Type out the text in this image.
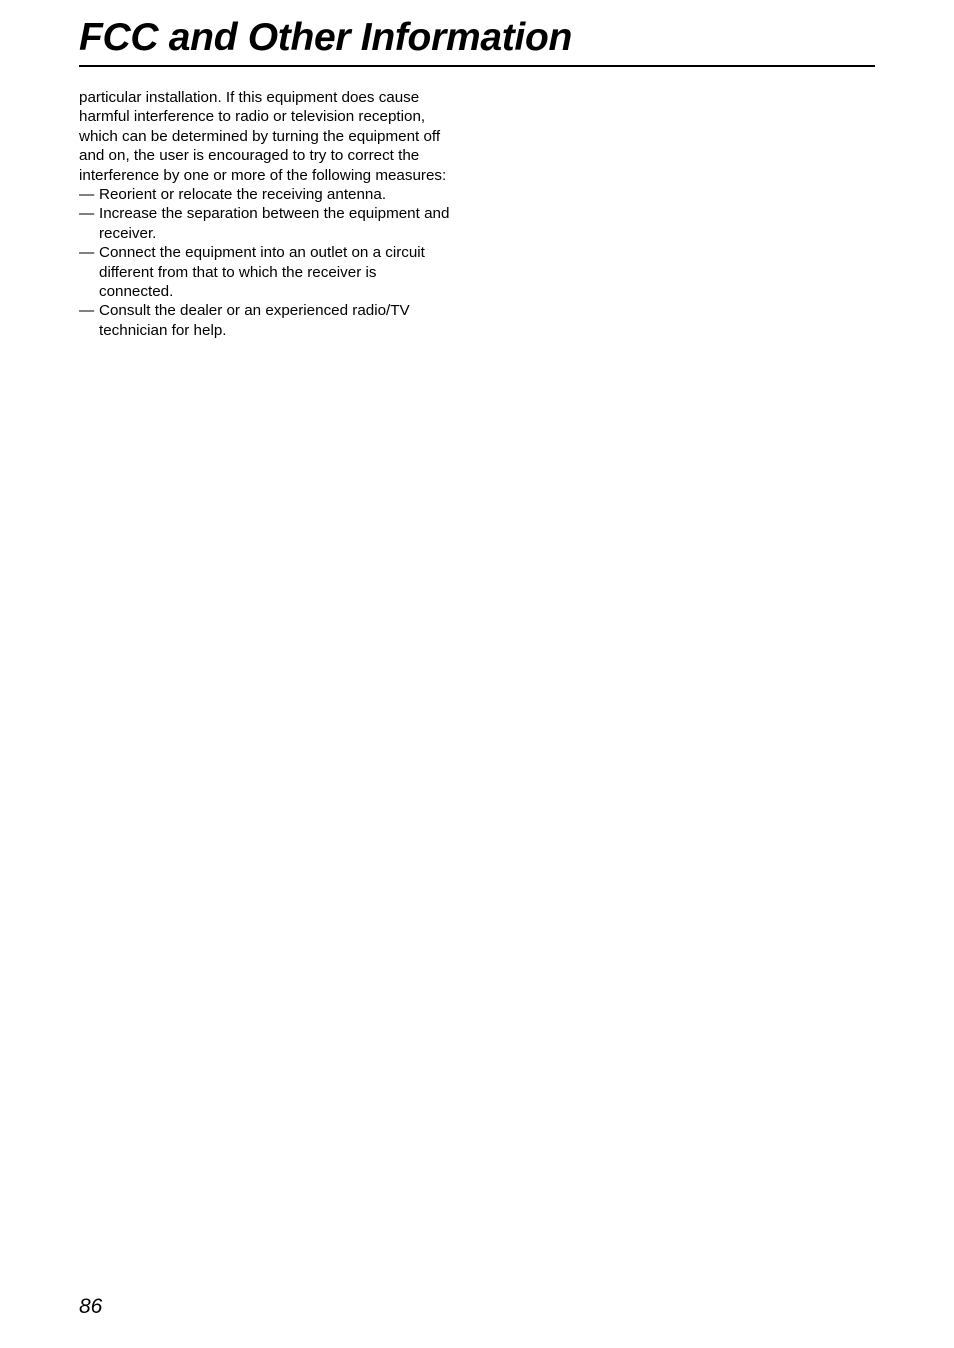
FCC and Other Information

particular installation. If this equipment does cause harmful interference to radio or television reception, which can be determined by turning the equipment off and on, the user is encouraged to try to correct the interference by one or more of the following measures:

— Reorient or relocate the receiving antenna.
— Increase the separation between the equipment and receiver.
— Connect the equipment into an outlet on a circuit different from that to which the receiver is connected.
— Consult the dealer or an experienced radio/TV technician for help.
86
